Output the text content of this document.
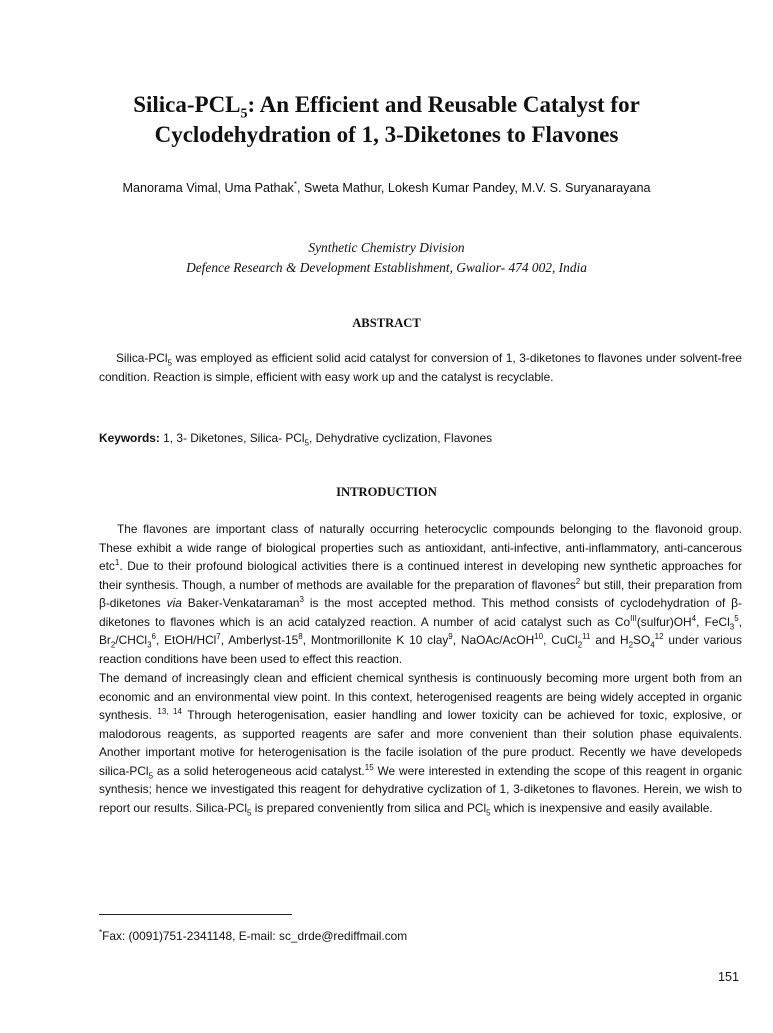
Silica-$PCL_5$: An Efficient and Reusable Catalyst for
Cyclodehydration of 1, 3-Diketones to Flavones
Manorama Vimal, Uma Pathak*, Sweta Mathur, Lokesh Kumar Pandey, M.V. S. Suryanarayana
Synthetic Chemistry Division
Defence Research & Development Establishment, Gwalior- 474 002, India
ABSTRACT

Silica-PCl$_5$ was employed as efficient solid acid catalyst for conversion of 1, 3-diketones to flavones under solvent-free condition. Reaction is simple, efficient with easy work up and the catalyst is recyclable.

Keywords: 1, 3- Diketones, Silica- PCl$_5$, Dehydrative cyclization, Flavones

INTRODUCTION

The flavones are important class of naturally occurring heterocyclic compounds belonging to the flavonoid group. These exhibit a wide range of biological properties such as antioxidant, anti-infective, anti-inflammatory, anti-cancerous etc$^1$. Due to their profound biological activities there is a continued interest in developing new synthetic approaches for their synthesis. Though, a number of methods are available for the preparation of flavones$^2$ but still, their preparation from β-diketones via Baker-Venkataraman$^3$ is the most accepted method. This method consists of cyclodehydration of β-diketones to flavones which is an acid catalyzed reaction. A number of acid catalyst such as $Co^{III}(sulfur)OH^4$, FeCl$_3^5$, $Br_2/CHCl_3^6$, EtOH/HCl$^7$, Amberlyst-$15^8$, Montmorillonite K 10 clay$^9$, NaOAc/AcOH$^{10}$, CuCl$_2^{11}$ and $H_2SO_4^{12}$ under various reaction conditions have been used to effect this reaction.

The demand of increasingly clean and efficient chemical synthesis is continuously becoming more urgent both from an economic and an environmental view point. In this context, heterogenised reagents are being widely accepted in organic synthesis. $^{13, 14}$ Through heterogenisation, easier handling and lower toxicity can be achieved for toxic, explosive, or malodorous reagents, as supported reagents are safer and more convenient than their solution phase equivalents. Another important motive for heterogenisation is the facile isolation of the pure product. Recently we have developeds silica-PCl$_5$ as a solid heterogeneous acid catalyst.$^{15}$ We were interested in extending the scope of this reagent in organic synthesis; hence we investigated this reagent for dehydrative cyclization of 1, 3-diketones to flavones. Herein, we wish to report our results. Silica-PCl$_5$ is prepared conveniently from silica and PCl$_5$ which is inexpensive and easily available.

*Fax: (0091)751-2341148, E-mail: sc_drde@rediffmail.com
151
